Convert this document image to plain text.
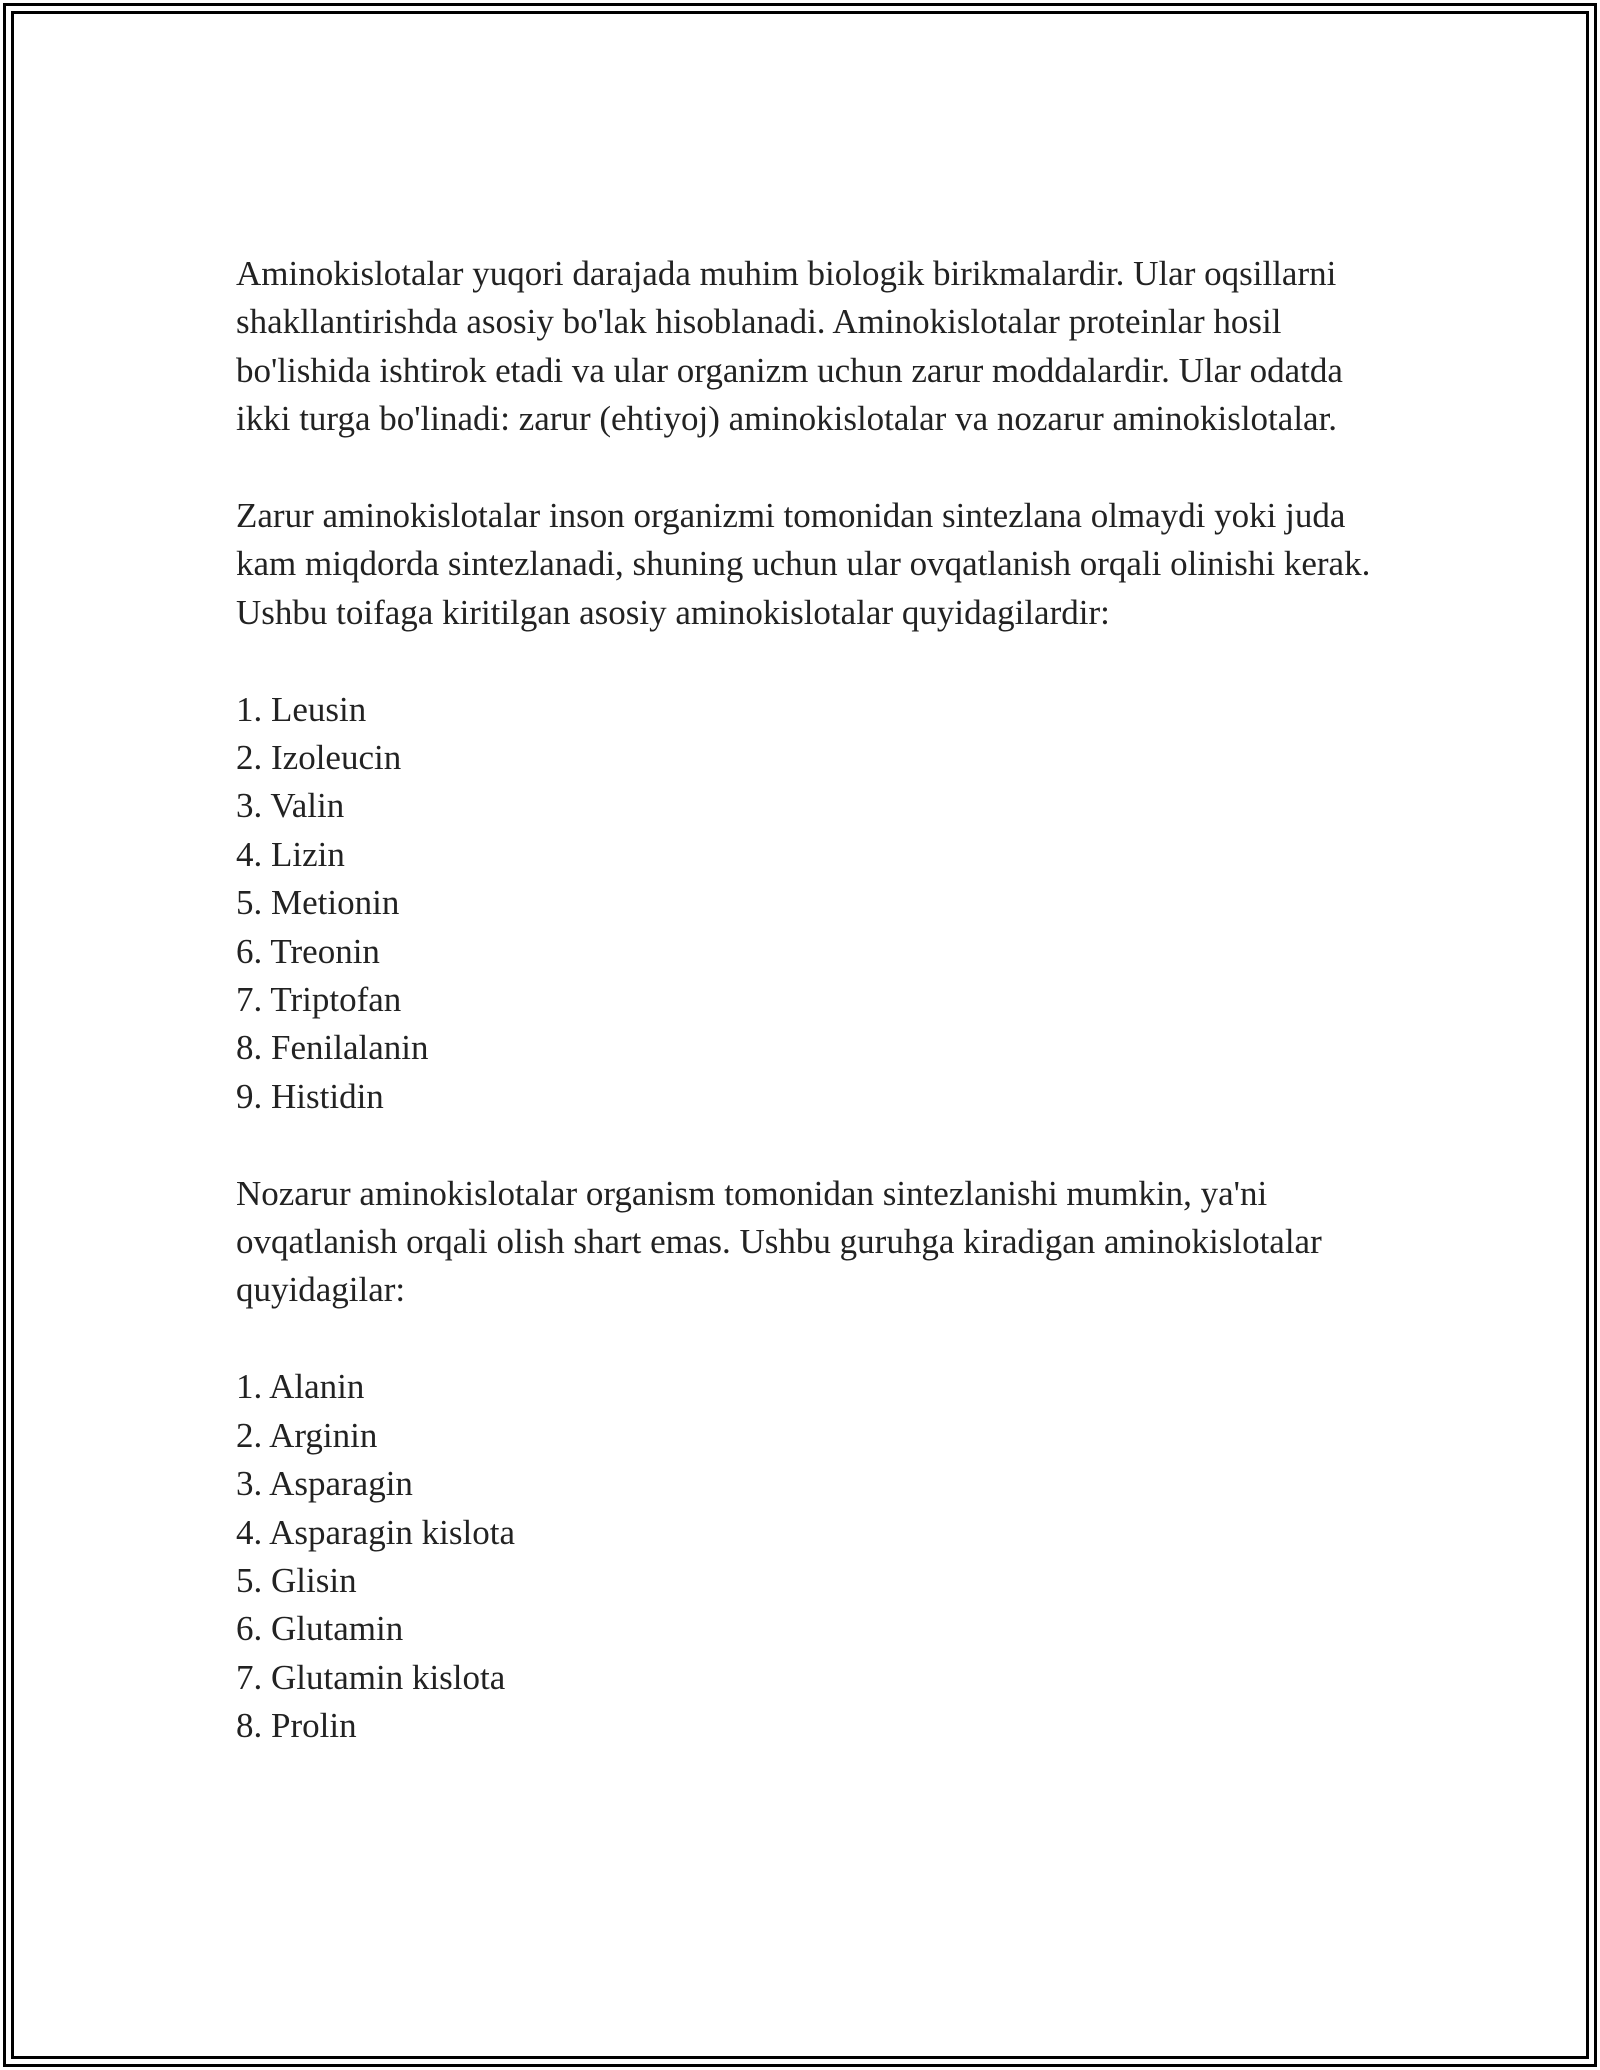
Aminokislotalar yuqori darajada muhim biologik birikmalardir. Ular oqsillarni shakllantirishda asosiy bo'lak hisoblanadi. Aminokislotalar proteinlar hosil bo'lishida ishtirok etadi va ular organizm uchun zarur moddalardir. Ular odatda ikki turga bo'linadi: zarur (ehtiyoj) aminokislotalar va nozarur aminokislotalar.

Zarur aminokislotalar inson organizmi tomonidan sintezlana olmaydi yoki juda kam miqdorda sintezlanadi, shuning uchun ular ovqatlanish orqali olinishi kerak. Ushbu toifaga kiritilgan asosiy aminokislotalar quyidagilardir:

1. Leusin
2. Izoleucin
3. Valin
4. Lizin
5. Metionin
6. Treonin
7. Triptofan
8. Fenilalanin
9. Histidin

Nozarur aminokislotalar organism tomonidan sintezlanishi mumkin, ya'ni ovqatlanish orqali olish shart emas. Ushbu guruhga kiradigan aminokislotalar quyidagilar:

1. Alanin
2. Arginin
3. Asparagin
4. Asparagin kislota
5. Glisin
6. Glutamin
7. Glutamin kislota
8. Prolin
